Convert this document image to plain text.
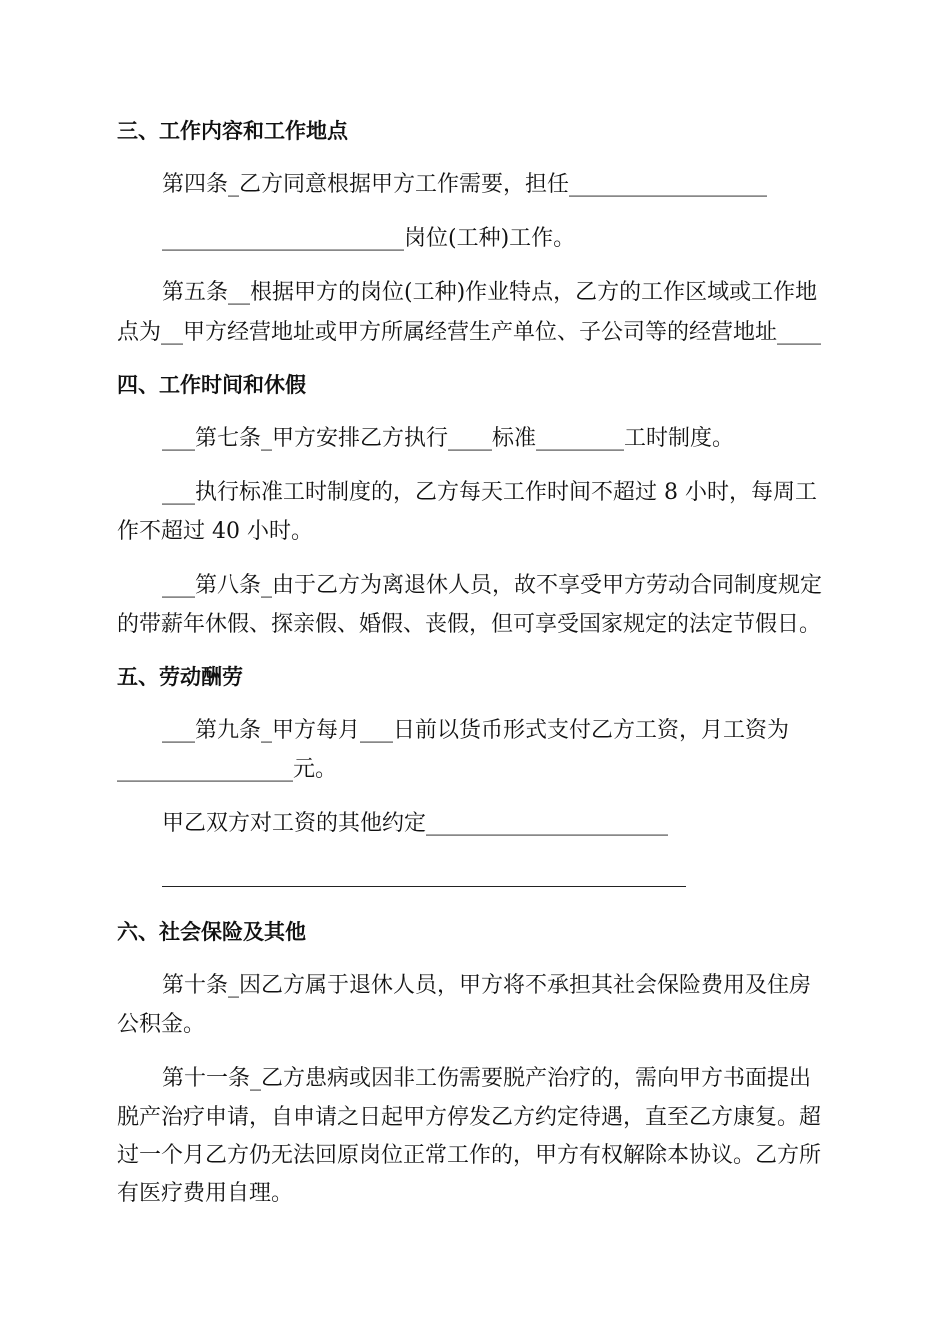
三、工作内容和工作地点
第四条_乙方同意根据甲方工作需要，担任__________________
______________________岗位(工种)工作。
第五条__根据甲方的岗位(工种)作业特点，乙方的工作区域或工作地
点为__甲方经营地址或甲方所属经营生产单位、子公司等的经营地址____
四、工作时间和休假
___第七条_甲方安排乙方执行____标准________工时制度。
___执行标准工时制度的，乙方每天工作时间不超过 8 小时，每周工
作不超过 40 小时。
___第八条_由于乙方为离退休人员，故不享受甲方劳动合同制度规定
的带薪年休假、探亲假、婚假、丧假，但可享受国家规定的法定节假日。
五、劳动酬劳
___第九条_甲方每月___日前以货币形式支付乙方工资，月工资为
________________元。
甲乙双方对工资的其他约定______________________
六、社会保险及其他
第十条_因乙方属于退休人员，甲方将不承担其社会保险费用及住房
公积金。
第十一条_乙方患病或因非工伤需要脱产治疗的，需向甲方书面提出
脱产治疗申请，自申请之日起甲方停发乙方约定待遇，直至乙方康复。超
过一个月乙方仍无法回原岗位正常工作的，甲方有权解除本协议。乙方所
有医疗费用自理。
